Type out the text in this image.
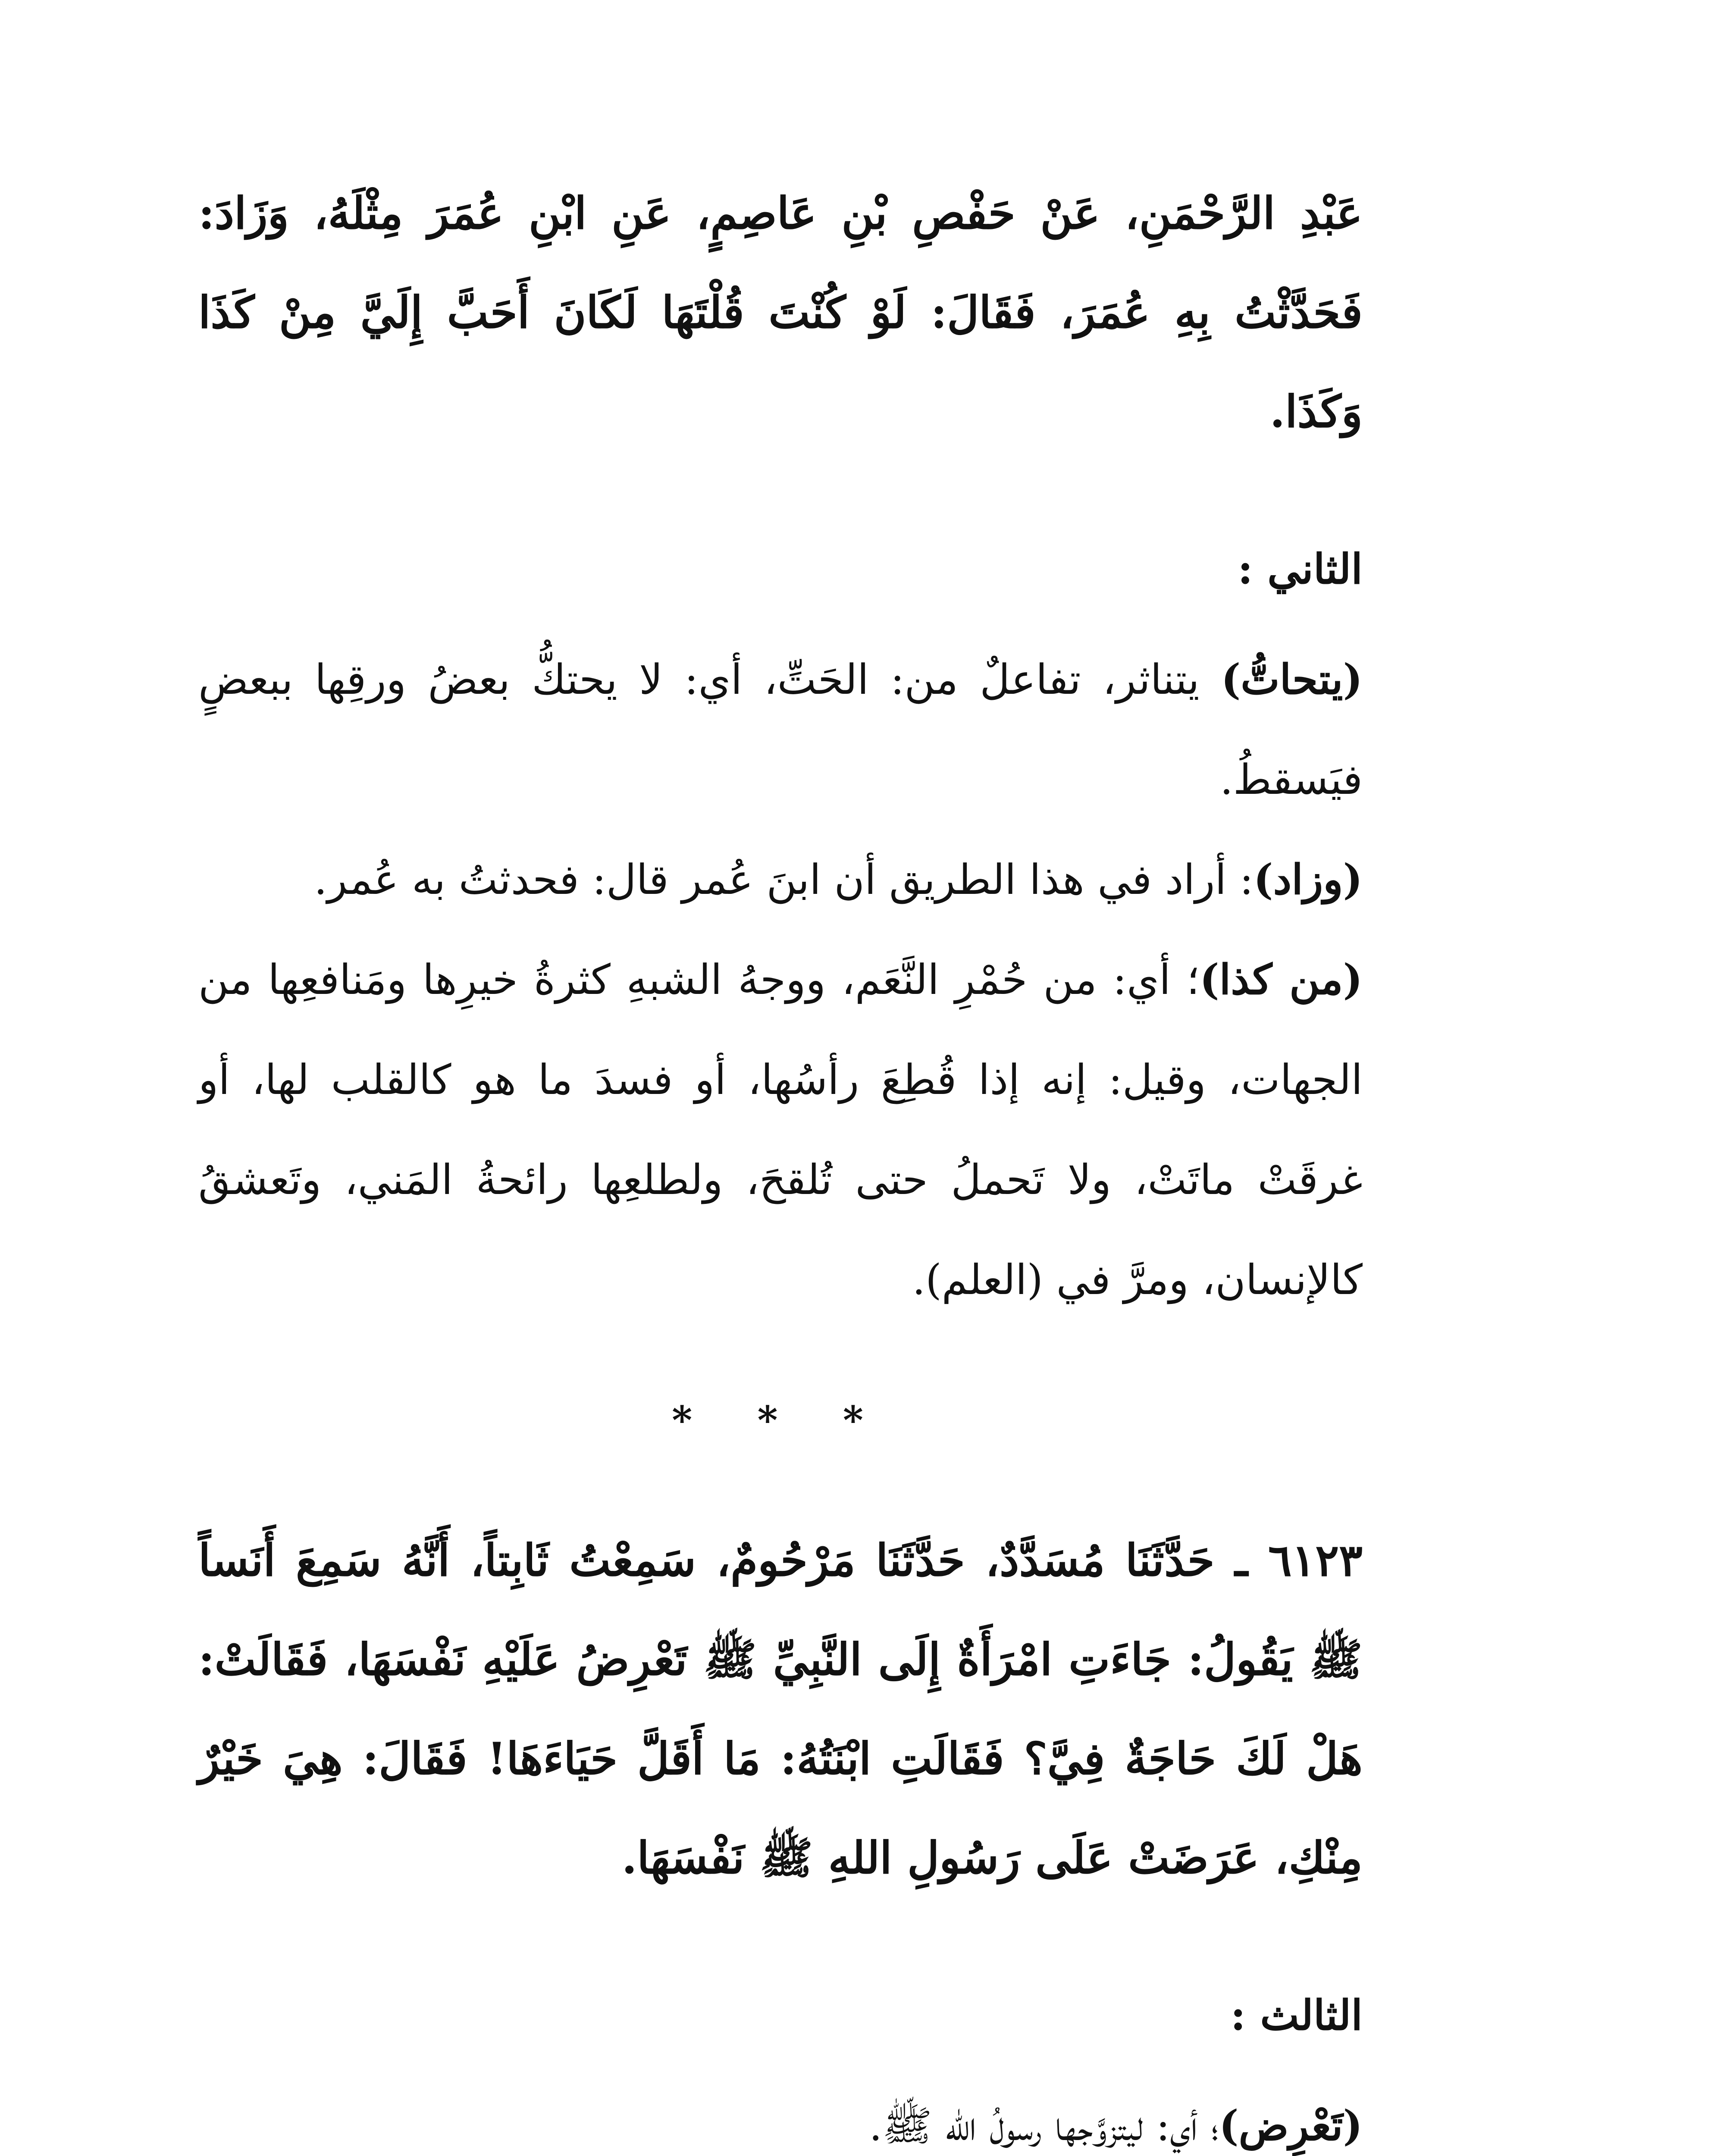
عَبْدِ الرَّحْمَنِ، عَنْ حَفْصِ بْنِ عَاصِمٍ، عَنِ ابْنِ عُمَرَ مِثْلَهُ، وَزَادَ: فَحَدَّثْتُ بِهِ عُمَرَ، فَقَالَ: لَوْ كُنْتَ قُلْتَهَا لَكَانَ أَحَبَّ إِلَيَّ مِنْ كَذَا وَكَذَا.

الثاني :

(يتحاتُّ) يتناثر، تفاعلٌ من: الحَتِّ، أي: لا يحتكُّ بعضُ ورقِها ببعضٍ فيَسقطُ.

(وزاد): أراد في هذا الطريق أن ابنَ عُمر قال: فحدثتُ به عُمر.

(من كذا)؛ أي: من حُمْرِ النَّعَم، ووجهُ الشبهِ كثرةُ خيرِها ومَنافعِها من الجهات، وقيل: إنه إذا قُطِعَ رأسُها، أو فسدَ ما هو كالقلب لها، أو غرقَتْ ماتَتْ، ولا تَحملُ حتى تُلقحَ، ولطلعِها رائحةُ المَني، وتَعشقُ كالإنسان، ومرَّ في (العلم).

* * *

٦١٢٣ ـ حَدَّثَنَا مُسَدَّدٌ، حَدَّثَنَا مَرْحُومٌ، سَمِعْتُ ثَابِتاً، أَنَّهُ سَمِعَ أَنَساً ﷺ يَقُولُ: جَاءَتِ امْرَأَةٌ إِلَى النَّبِيِّ ﷺ تَعْرِضُ عَلَيْهِ نَفْسَهَا، فَقَالَتْ: هَلْ لَكَ حَاجَةٌ فِيَّ؟ فَقَالَتِ ابْنَتُهُ: مَا أَقَلَّ حَيَاءَهَا! فَقَالَ: هِيَ خَيْرٌ مِنْكِ، عَرَضَتْ عَلَى رَسُولِ اللهِ ﷺ نَفْسَهَا.

الثالث :

(تَعْرِض)؛ أي: ليتزوَّجها رسولُ الله ﷺ.
